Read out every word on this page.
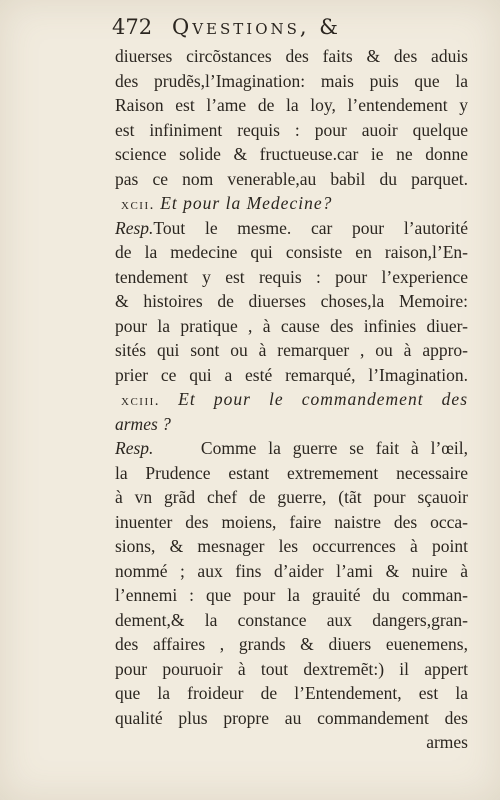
472 Qvestions, &
diuerses circõstances des faits & des aduis
des prudẽs,l’Imagination: mais puis que la
Raison est l’ame de la loy, l’entendement y
est infiniment requis : pour auoir quelque
science solide & fructueuse.car ie ne donne
pas ce nom venerable,au babil du parquet.
xcii. Et pour la Medecine?
Resp.Tout le mesme. car pour l’autorité
de la medecine qui consiste en raison,l’En-
tendement y est requis : pour l’experience
& histoires de diuerses choses,la Memoire:
pour la pratique , à cause des infinies diuer-
sités qui sont ou à remarquer , ou à appro-
prier ce qui a esté remarqué, l’Imagination.
xciii. Et pour le commandement des
armes ?
Resp.	Comme la guerre se fait à l’œil,
la Prudence estant extremement necessaire
à vn grãd chef de guerre, (tãt pour sçauoir
inuenter des moiens, faire naistre des occa-
sions, & mesnager les occurrences à point
nommé ; aux fins d’aider l’ami & nuire à
l’ennemi : que pour la grauité du comman-
dement,& la constance aux dangers,gran-
des affaires , grands & diuers euenemens,
pour pouruoir à tout dextremẽt:) il appert
que la froideur de l’Entendement, est la
qualité plus propre au commandement des
armes
